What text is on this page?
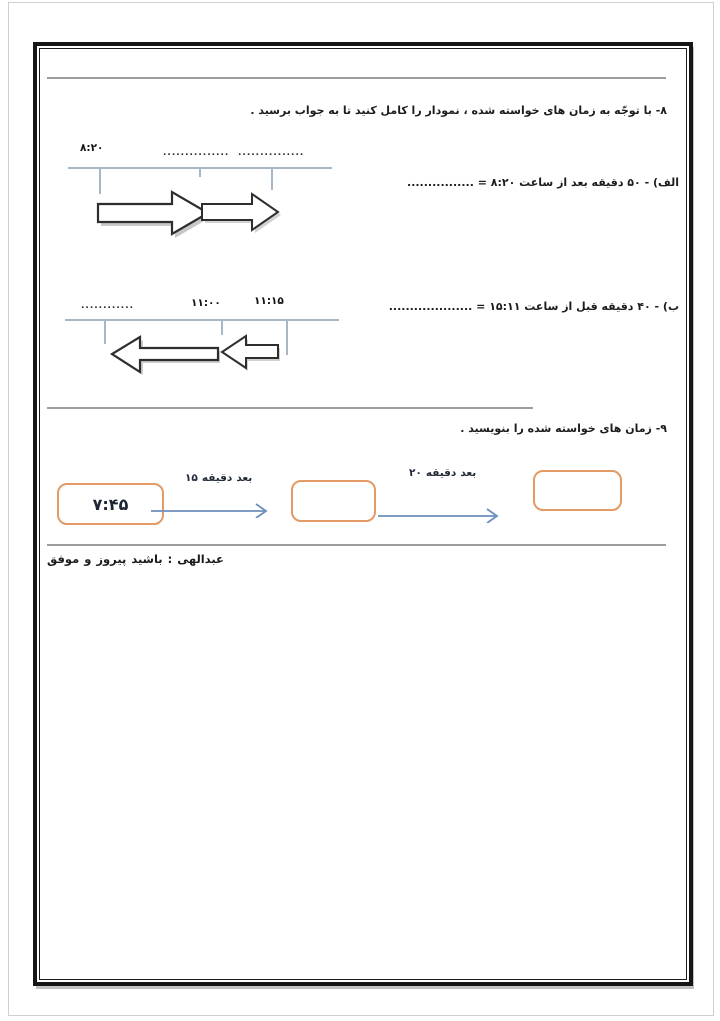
۸- با توجّه به زمان های خواسته شده ، نمودار را کامل کنید تا به جواب برسید .
۸:۲۰	............... ...............
الف) - ۵۰ دقیقه بعد از ساعت ۸:۲۰ = ................
............	۱۱:۰۰	۱۱:۱۵	ب) - ۴۰ دقیقه قبل از ساعت ۱۵:۱۱ = ....................
۹- زمان های خواسته شده را بنویسید .
۷:۴۵
۱۵ دقیقه بعد	۲۰ دقیقه بعد
موفق و پیروز باشید : عبدالهی
